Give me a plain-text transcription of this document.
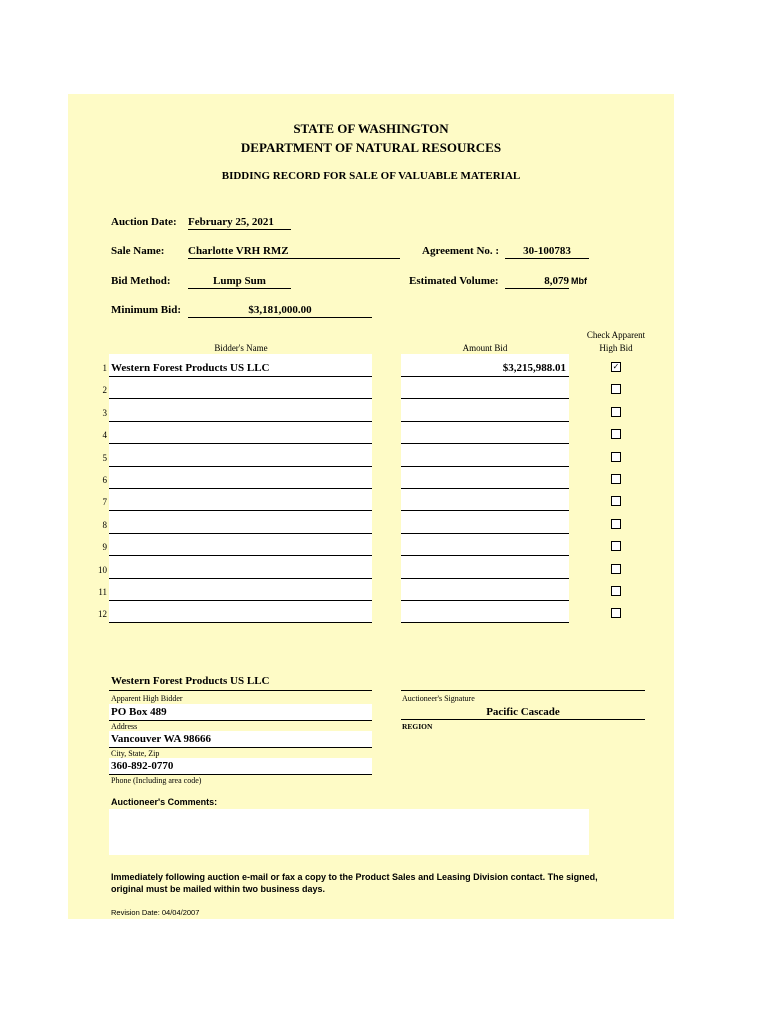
STATE OF WASHINGTON
DEPARTMENT OF NATURAL RESOURCES
BIDDING RECORD FOR SALE OF VALUABLE MATERIAL
Auction Date: February 25, 2021
Sale Name: Charlotte VRH RMZ	Agreement No. :	30-100783
Bid Method:	Lump Sum	Estimated Volume:	8,079 Mbf
Minimum Bid:	$3,181,000.00
Bidder's Name	Amount Bid
Check Apparent
High Bid
1 Western Forest Products US LLC	$3,215,988.01	✓
2
3
4
5
6
7
8
9
10
11
12
Western Forest Products US LLC
Apparent High Bidder	Auctioneer's Signature
PO Box 489
Address
Pacific Cascade
REGION
Vancouver WA 98666
City, State, Zip
360-892-0770
Phone (Including area code)
Auctioneer's Comments:
Immediately following auction e-mail or fax a copy to the Product Sales and Leasing Division contact. The signed,
original must be mailed within two business days.
Revision Date: 04/04/2007
